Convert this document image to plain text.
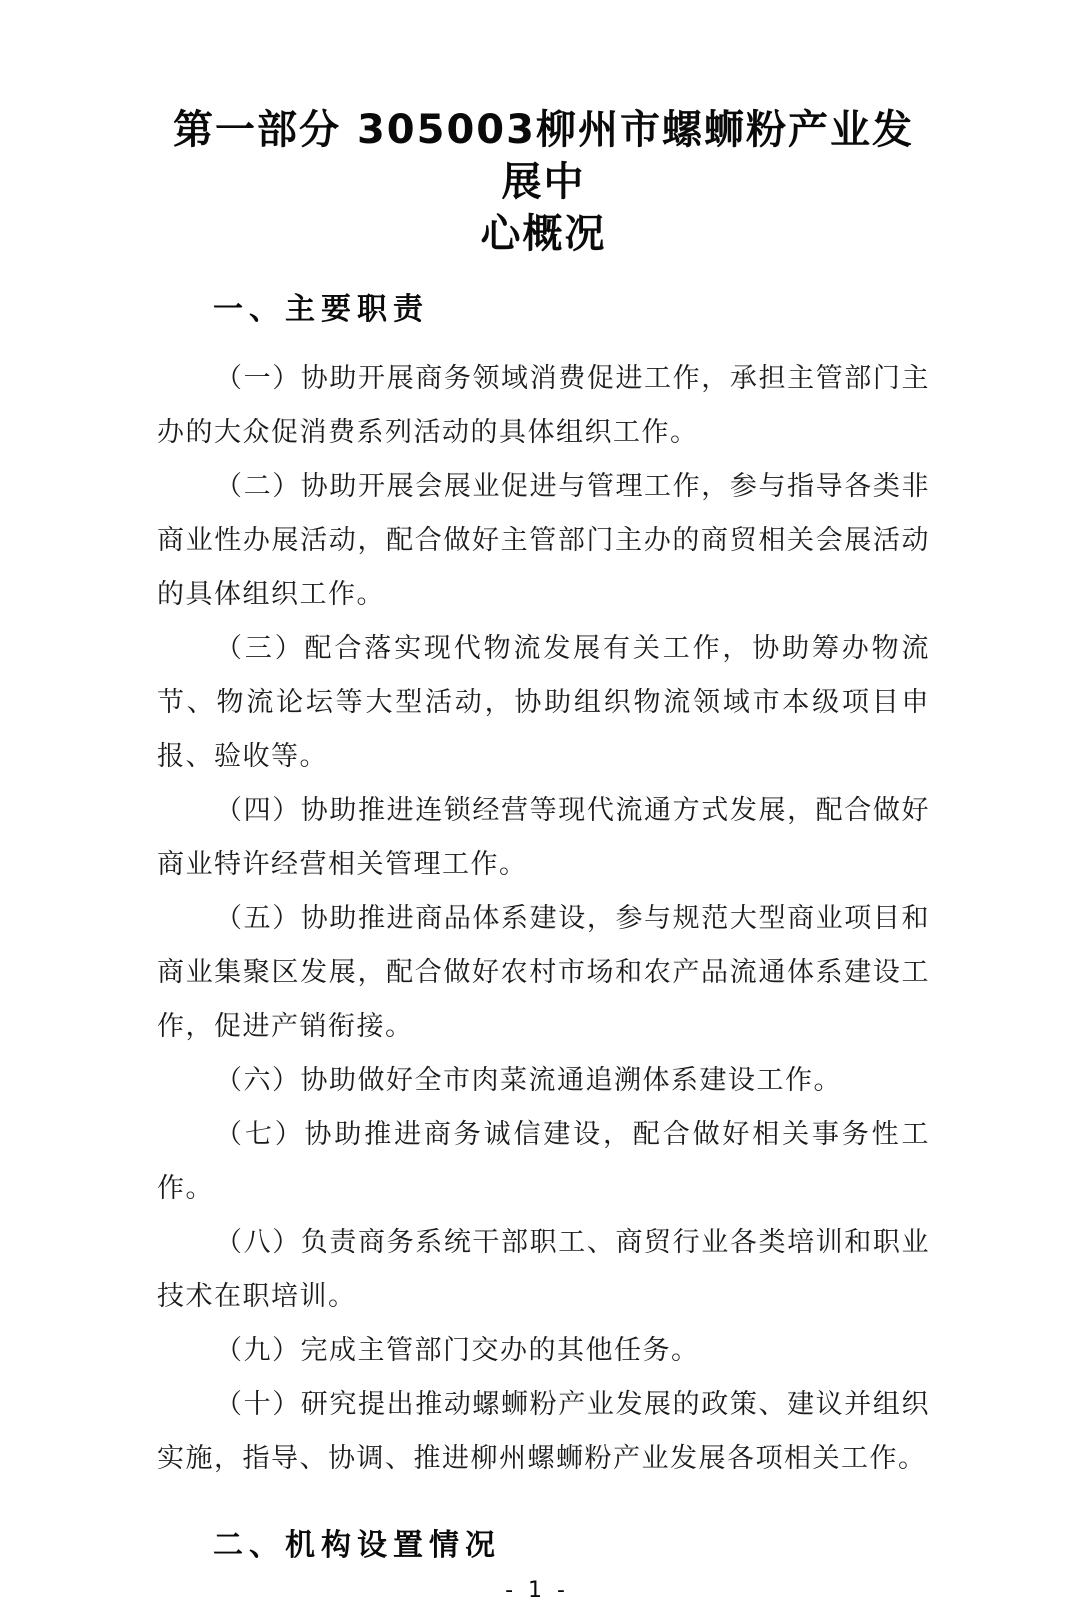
第一部分 305003柳州市螺蛳粉产业发展中
心概况
一、主要职责

（一）协助开展商务领域消费促进工作，承担主管部门主办的大众促消费系列活动的具体组织工作。

（二）协助开展会展业促进与管理工作，参与指导各类非商业性办展活动，配合做好主管部门主办的商贸相关会展活动的具体组织工作。

（三）配合落实现代物流发展有关工作，协助筹办物流节、物流论坛等大型活动，协助组织物流领域市本级项目申报、验收等。

（四）协助推进连锁经营等现代流通方式发展，配合做好商业特许经营相关管理工作。

（五）协助推进商品体系建设，参与规范大型商业项目和商业集聚区发展，配合做好农村市场和农产品流通体系建设工作，促进产销衔接。

（六）协助做好全市肉菜流通追溯体系建设工作。

（七）协助推进商务诚信建设，配合做好相关事务性工作。

（八）负责商务系统干部职工、商贸行业各类培训和职业技术在职培训。

（九）完成主管部门交办的其他任务。

（十）研究提出推动螺蛳粉产业发展的政策、建议并组织实施，指导、协调、推进柳州螺蛳粉产业发展各项相关工作。

二、机构设置情况
- 1 -
